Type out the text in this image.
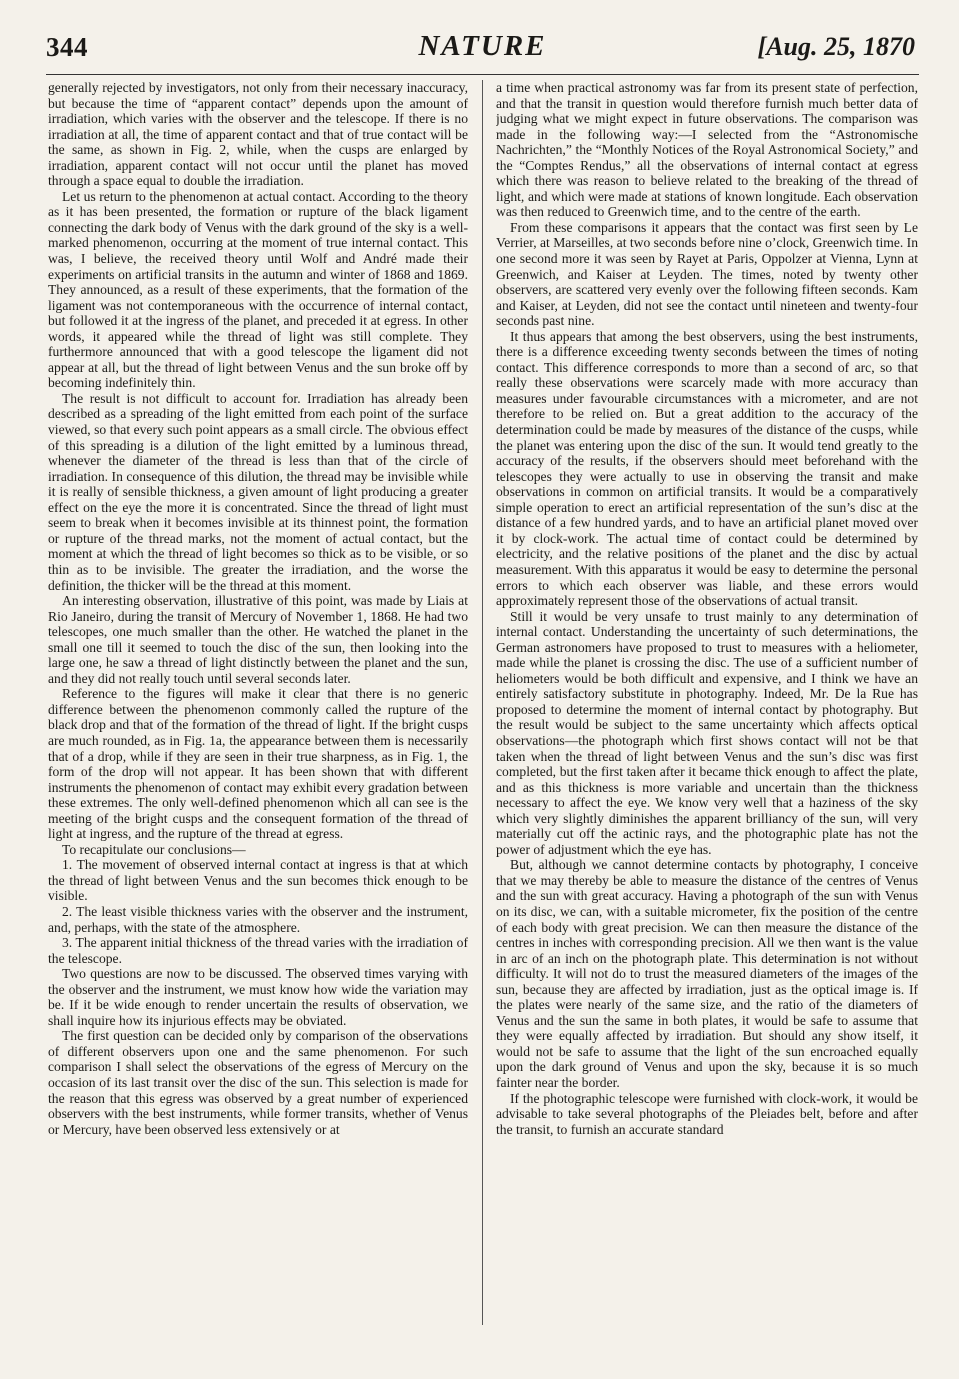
344	NATURE	[Aug. 25, 1870

generally rejected by investigators, not only from their necessary inaccuracy, but because the time of “apparent contact” depends upon the amount of irradiation, which varies with the observer and the telescope. If there is no irradiation at all, the time of apparent contact and that of true contact will be the same, as shown in Fig. 2, while, when the cusps are enlarged by irradiation, apparent contact will not occur until the planet has moved through a space equal to double the irradiation.

Let us return to the phenomenon at actual contact. According to the theory as it has been presented, the formation or rupture of the black ligament connecting the dark body of Venus with the dark ground of the sky is a well-marked phenomenon, occurring at the moment of true internal contact. This was, I believe, the received theory until Wolf and André made their experiments on artificial transits in the autumn and winter of 1868 and 1869. They announced, as a result of these experiments, that the formation of the ligament was not contemporaneous with the occurrence of internal contact, but followed it at the ingress of the planet, and preceded it at egress. In other words, it appeared while the thread of light was still complete. They furthermore announced that with a good telescope the ligament did not appear at all, but the thread of light between Venus and the sun broke off by becoming indefinitely thin.

The result is not difficult to account for. Irradiation has already been described as a spreading of the light emitted from each point of the surface viewed, so that every such point appears as a small circle. The obvious effect of this spreading is a dilution of the light emitted by a luminous thread, whenever the diameter of the thread is less than that of the circle of irradiation. In consequence of this dilution, the thread may be invisible while it is really of sensible thickness, a given amount of light producing a greater effect on the eye the more it is concentrated. Since the thread of light must seem to break when it becomes invisible at its thinnest point, the formation or rupture of the thread marks, not the moment of actual contact, but the moment at which the thread of light becomes so thick as to be visible, or so thin as to be invisible. The greater the irradiation, and the worse the definition, the thicker will be the thread at this moment.

An interesting observation, illustrative of this point, was made by Liais at Rio Janeiro, during the transit of Mercury of November 1, 1868. He had two telescopes, one much smaller than the other. He watched the planet in the small one till it seemed to touch the disc of the sun, then looking into the large one, he saw a thread of light distinctly between the planet and the sun, and they did not really touch until several seconds later.

Reference to the figures will make it clear that there is no generic difference between the phenomenon commonly called the rupture of the black drop and that of the formation of the thread of light. If the bright cusps are much rounded, as in Fig. 1a, the appearance between them is necessarily that of a drop, while if they are seen in their true sharpness, as in Fig. 1, the form of the drop will not appear. It has been shown that with different instruments the phenomenon of contact may exhibit every gradation between these extremes. The only well-defined phenomenon which all can see is the meeting of the bright cusps and the consequent formation of the thread of light at ingress, and the rupture of the thread at egress.

To recapitulate our conclusions—

1. The movement of observed internal contact at ingress is that at which the thread of light between Venus and the sun becomes thick enough to be visible.

2. The least visible thickness varies with the observer and the instrument, and, perhaps, with the state of the atmosphere.

3. The apparent initial thickness of the thread varies with the irradiation of the telescope.

Two questions are now to be discussed. The observed times varying with the observer and the instrument, we must know how wide the variation may be. If it be wide enough to render uncertain the results of observation, we shall inquire how its injurious effects may be obviated.

The first question can be decided only by comparison of the observations of different observers upon one and the same phenomenon. For such comparison I shall select the observations of the egress of Mercury on the occasion of its last transit over the disc of the sun. This selection is made for the reason that this egress was observed by a great number of experienced observers with the best instruments, while former transits, whether of Venus or Mercury, have been observed less extensively or at

a time when practical astronomy was far from its present state of perfection, and that the transit in question would therefore furnish much better data of judging what we might expect in future observations. The comparison was made in the following way:—I selected from the “Astronomische Nachrichten,” the “Monthly Notices of the Royal Astronomical Society,” and the “Comptes Rendus,” all the observations of internal contact at egress which there was reason to believe related to the breaking of the thread of light, and which were made at stations of known longitude. Each observation was then reduced to Greenwich time, and to the centre of the earth.

From these comparisons it appears that the contact was first seen by Le Verrier, at Marseilles, at two seconds before nine o’clock, Greenwich time. In one second more it was seen by Rayet at Paris, Oppolzer at Vienna, Lynn at Greenwich, and Kaiser at Leyden. The times, noted by twenty other observers, are scattered very evenly over the following fifteen seconds. Kam and Kaiser, at Leyden, did not see the contact until nineteen and twenty-four seconds past nine.

It thus appears that among the best observers, using the best instruments, there is a difference exceeding twenty seconds between the times of noting contact. This difference corresponds to more than a second of arc, so that really these observations were scarcely made with more accuracy than measures under favourable circumstances with a micrometer, and are not therefore to be relied on. But a great addition to the accuracy of the determination could be made by measures of the distance of the cusps, while the planet was entering upon the disc of the sun. It would tend greatly to the accuracy of the results, if the observers should meet beforehand with the telescopes they were actually to use in observing the transit and make observations in common on artificial transits. It would be a comparatively simple operation to erect an artificial representation of the sun’s disc at the distance of a few hundred yards, and to have an artificial planet moved over it by clock-work. The actual time of contact could be determined by electricity, and the relative positions of the planet and the disc by actual measurement. With this apparatus it would be easy to determine the personal errors to which each observer was liable, and these errors would approximately represent those of the observations of actual transit.

Still it would be very unsafe to trust mainly to any determination of internal contact. Understanding the uncertainty of such determinations, the German astronomers have proposed to trust to measures with a heliometer, made while the planet is crossing the disc. The use of a sufficient number of heliometers would be both difficult and expensive, and I think we have an entirely satisfactory substitute in photography. Indeed, Mr. De la Rue has proposed to determine the moment of internal contact by photography. But the result would be subject to the same uncertainty which affects optical observations—the photograph which first shows contact will not be that taken when the thread of light between Venus and the sun’s disc was first completed, but the first taken after it became thick enough to affect the plate, and as this thickness is more variable and uncertain than the thickness necessary to affect the eye. We know very well that a haziness of the sky which very slightly diminishes the apparent brilliancy of the sun, will very materially cut off the actinic rays, and the photographic plate has not the power of adjustment which the eye has.

But, although we cannot determine contacts by photography, I conceive that we may thereby be able to measure the distance of the centres of Venus and the sun with great accuracy. Having a photograph of the sun with Venus on its disc, we can, with a suitable micrometer, fix the position of the centre of each body with great precision. We can then measure the distance of the centres in inches with corresponding precision. All we then want is the value in arc of an inch on the photograph plate. This determination is not without difficulty. It will not do to trust the measured diameters of the images of the sun, because they are affected by irradiation, just as the optical image is. If the plates were nearly of the same size, and the ratio of the diameters of Venus and the sun the same in both plates, it would be safe to assume that they were equally affected by irradiation. But should any show itself, it would not be safe to assume that the light of the sun encroached equally upon the dark ground of Venus and upon the sky, because it is so much fainter near the border.

If the photographic telescope were furnished with clock-work, it would be advisable to take several photographs of the Pleiades belt, before and after the transit, to furnish an accurate standard
